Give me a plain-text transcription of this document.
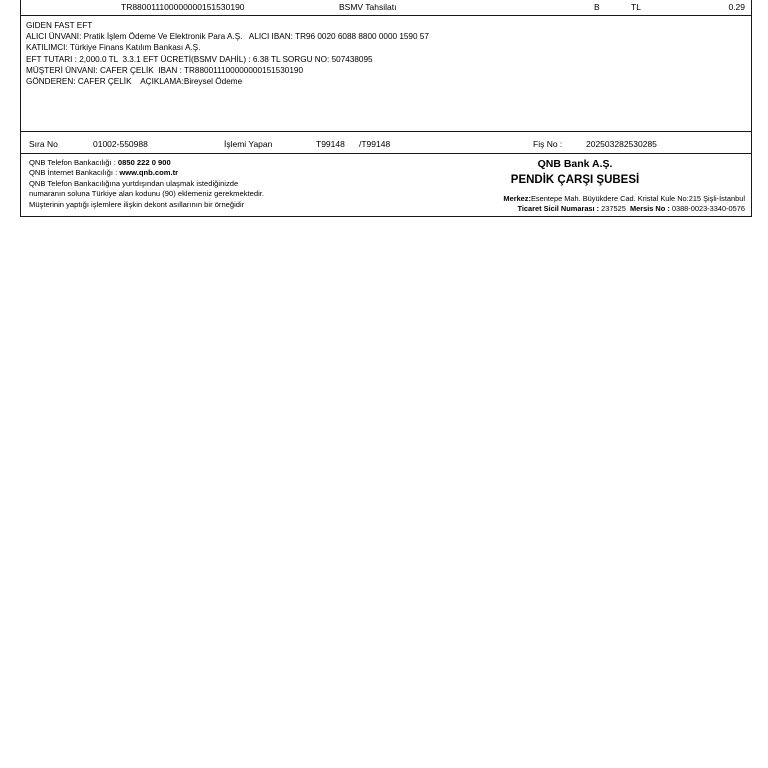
TR880011100000000151530190	BSMV Tahsilatı	B	TL	0.29
GIDEN FAST EFT
ALICI ÜNVANI: Pratik İşlem Ödeme Ve Elektronik Para A.Ş.   ALICI IBAN: TR96 0020 6088 8800 0000 1590 57
KATILIMCI: Türkiye Finans Katılım Bankası A.Ş.
EFT TUTARI : 2,000.0 TL  3.3.1 EFT ÜCRETİ(BSMV DAHİL) : 6.38 TL SORGU NO: 507438095
MÜŞTERİ ÜNVANI: CAFER ÇELİK  IBAN : TR880011100000000151530190
GÖNDEREN: CAFER ÇELİK    AÇIKLAMA:Bireysel Ödeme
Sıra No	01002-550988	İşlemi Yapan	T99148 /T99148	Fiş No :	202503282530285
QNB Telefon Bankacılığı : 0850 222 0 900
QNB İnternet Bankacılığı : www.qnb.com.tr
QNB Telefon Bankacılığına yurtdışından ulaşmak istediğinizde
numaranın soluna Türkiye alan kodunu (90) eklemeniz gerekmektedir.
Müşterinin yaptığı işlemlere ilişkin dekont asıllarının bir örneğidir
QNB Bank A.Ş.
PENDİK ÇARŞI ŞUBESİ
Merkez:Esentepe Mah. Büyükdere Cad. Kristal Kule No:215 Şişli-İstanbul
Ticaret Sicil Numarası : 237525  Mersis No : 0388-0023-3340-0576
